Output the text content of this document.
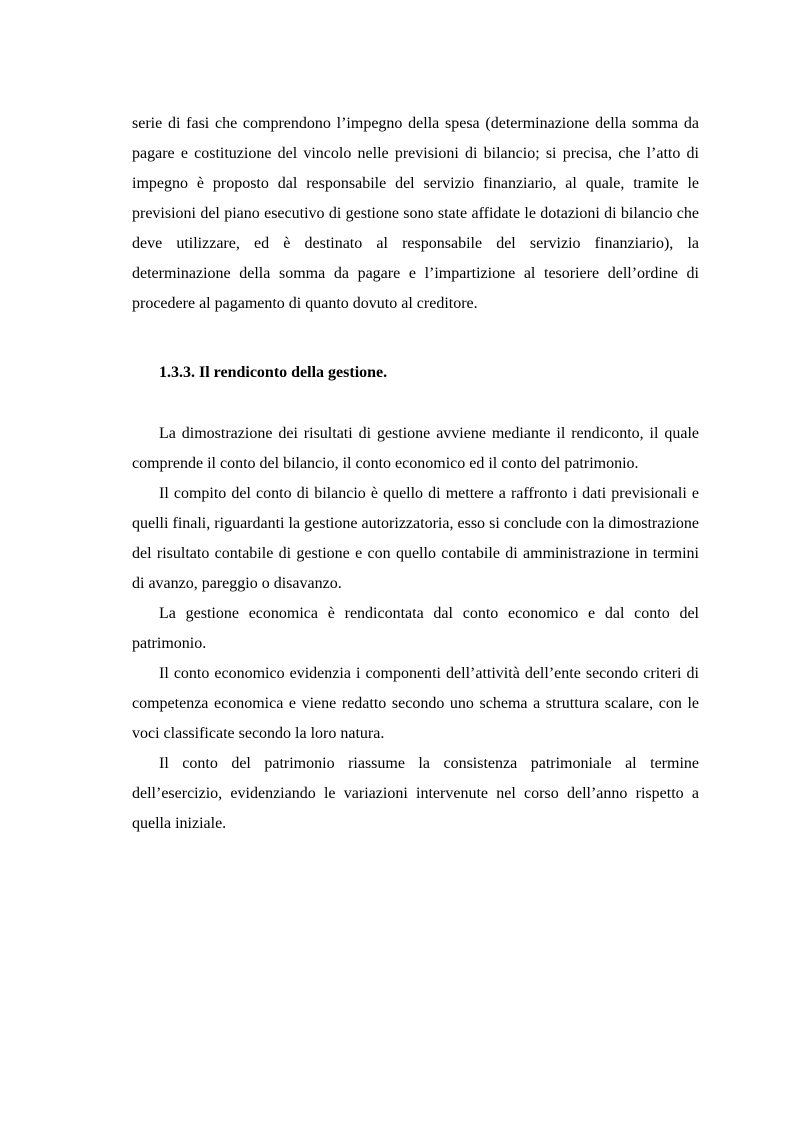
serie di fasi che comprendono l’impegno della spesa (determinazione della somma da pagare e costituzione del vincolo nelle previsioni di bilancio; si precisa, che l’atto di impegno è proposto dal responsabile del servizio finanziario, al quale, tramite le previsioni del piano esecutivo di gestione sono state affidate le dotazioni di bilancio che deve utilizzare, ed è destinato al responsabile del servizio finanziario), la determinazione della somma da pagare e l’impartizione al tesoriere dell’ordine di procedere al pagamento di quanto dovuto al creditore.

1.3.3. Il rendiconto della gestione.

La dimostrazione dei risultati di gestione avviene mediante il rendiconto, il quale comprende il conto del bilancio, il conto economico ed il conto del patrimonio.

Il compito del conto di bilancio è quello di mettere a raffronto i dati previsionali e quelli finali, riguardanti la gestione autorizzatoria, esso si conclude con la dimostrazione del risultato contabile di gestione e con quello contabile di amministrazione in termini di avanzo, pareggio o disavanzo.

La gestione economica è rendicontata dal conto economico e dal conto del patrimonio.

Il conto economico evidenzia i componenti dell’attività dell’ente secondo criteri di competenza economica e viene redatto secondo uno schema a struttura scalare, con le voci classificate secondo la loro natura.

Il conto del patrimonio riassume la consistenza patrimoniale al termine dell’esercizio, evidenziando le variazioni intervenute nel corso dell’anno rispetto a quella iniziale.
